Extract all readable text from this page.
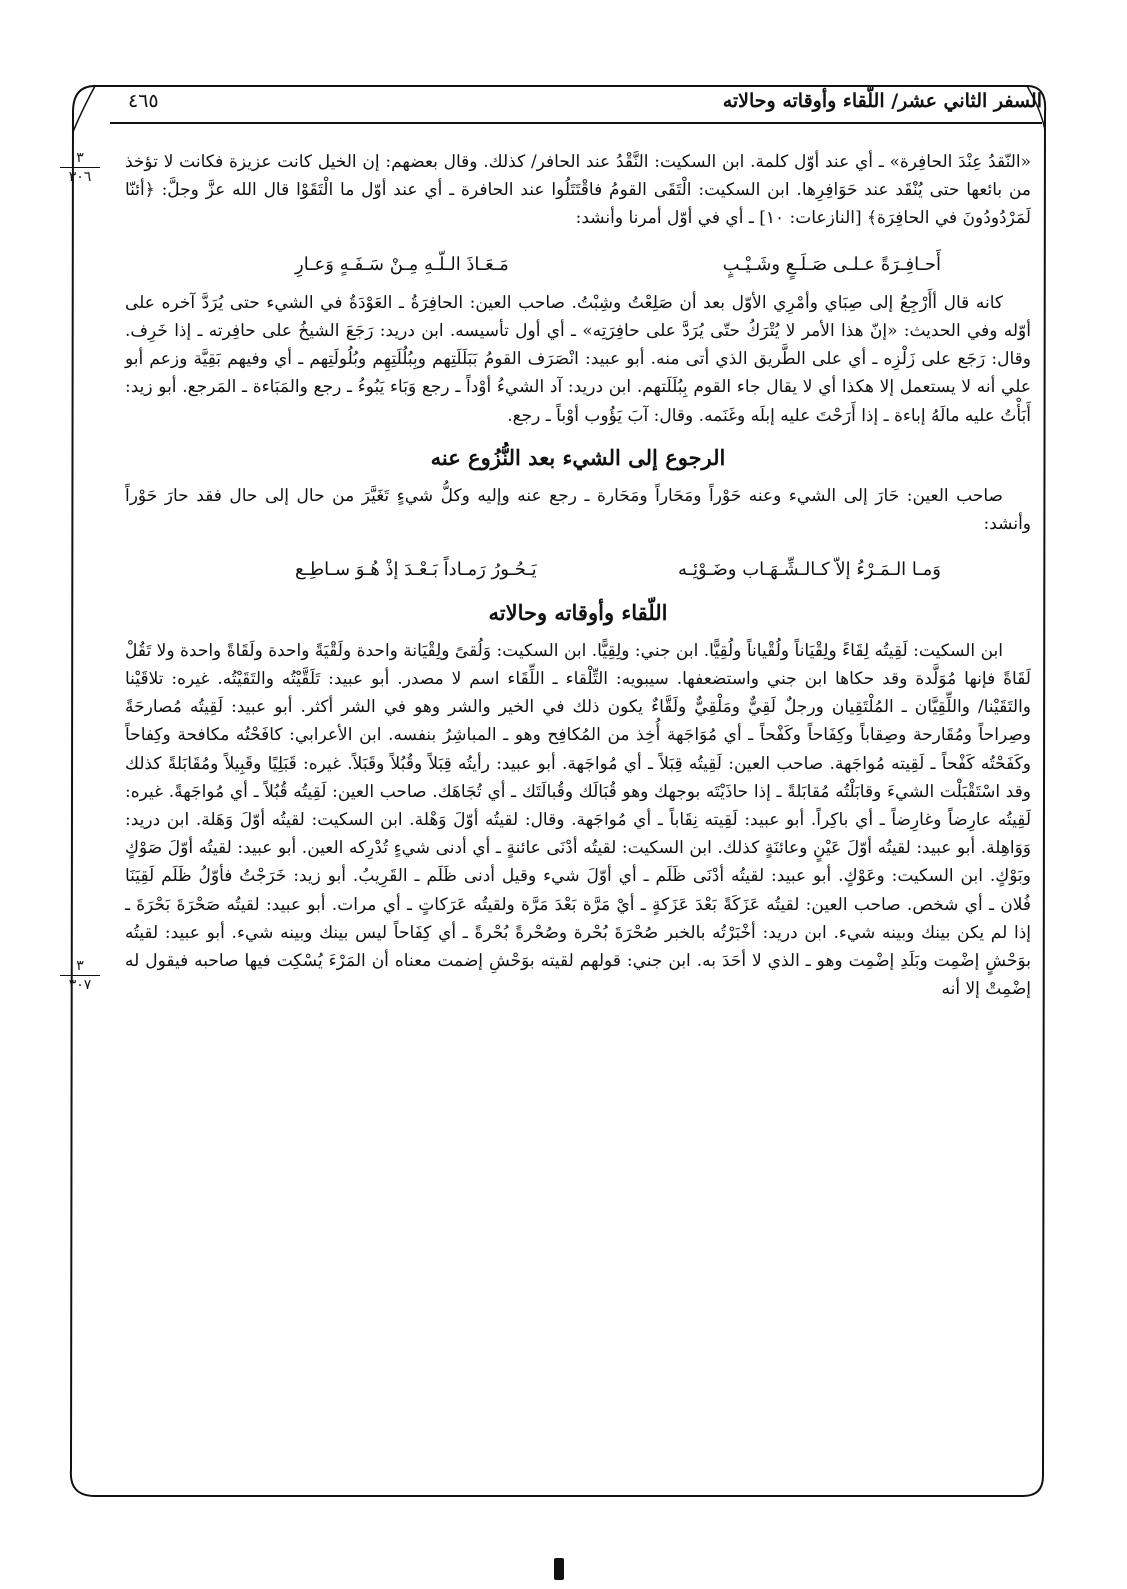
السفر الثاني عشر/ اللّقاء وأوقاته وحالاته
٤٦٥
٣
٣٠٦
٣
٣٠٧

«النّقدُ عِنْدَ الحافِرة» ـ أي عند أوّل كلمة. ابن السكيت: النَّقْدُ عند الحافر/ كذلك. وقال بعضهم: إن الخيل كانت عزيزة فكانت لا تؤخذ من بائعها حتى يُنْقَد عند حَوَافِرِها. ابن السكيت: الْتَقَى القومُ فاقْتَتَلُوا عند الحافرة ـ أي عند أوّل ما الْتَقَوْا قال الله عزَّ وجلَّ: ﴿أئنّا لَمَرْدُودُونَ في الحافِرَة﴾ [النازعات: ١٠] ـ أي في أوّل أمرنا وأنشد:

أَحـافِـرَةً عـلـى صَـلَـعٍ وشَـيْـبٍ
مَـعَـاذَ الـلّـهِ مِـنْ سَـفَـهٍ وَعـارِ

كانه قال أأَرْجِعُ إلى صِبَاي وأمْرِي الأوّل بعد أن صَلِعْتُ وشِبْتُ. صاحب العين: الحافِرَةُ ـ العَوْدَةُ في الشيء حتى يُرَدَّ آخره على أوّله وفي الحديث: «إنّ هذا الأمر لا يُتْرَكُ حتّى يُرَدَّ على حافِرَتِه» ـ أي أول تأسيسه. ابن دريد: رَجَعَ الشيخُ على حافِرته ـ إذا خَرِف. وقال: رَجَع على زَلْزِه ـ أي على الطَّريق الذي أتى منه. أبو عبيد: انْصَرَف القومُ بَبَلَلَتِهم وبِبُلُلَتِهِم وبُلُولَتِهم ـ أي وفيهم بَقِيَّة وزعم أبو علي أنه لا يستعمل إلا هكذا أي لا يقال جاء القوم بِبُلَلَتهم. ابن دريد: آد الشيءُ أوْداً ـ رجع وَبَاء يَبُوءُ ـ رجع والمَبَاءة ـ المَرجع. أبو زيد: أَبَأْتُ عليه مالَهُ إباءة ـ إذا أَرَحْتَ عليه إبلَه وغَنَمه. وقال: آبَ يَؤُوب أوْباً ـ رجع.

الرجوع إلى الشيء بعد النُّزُوع عنه

صاحب العين: حَارَ إلى الشيء وعنه حَوْراً ومَحَاراً ومَحَارة ـ رجع عنه وإليه وكلُّ شيءٍ تَغَيَّرَ من حال إلى حال فقد حارَ حَوْراً وأنشد:

وَمـا الـمَـرْءُ إلاّ كـالـشِّـهَـاب وضَـوْئِـه
يَـحُـورُ رَمـاداً بَـعْـدَ إذْ هُـوَ سـاطِـع
اللّقاء وأوقاته وحالاته

ابن السكيت: لَقِيتُه لِقَاءً ولِقْيَاناً ولُقْياناً ولُقِيًّا. ابن جني: ولِقِيًّا. ابن السكيت: وَلُقىً ولِقْيَانة واحدة ولَقْيَةً واحدة ولَقَاةً واحدة ولا تَقُلْ لَقَاةً فإنها مُوَلَّدة وقد حكاها ابن جني واستضعفها. سيبويه: التِّلْقاء ـ اللِّقَاء اسم لا مصدر. أبو عبيد: تَلَقَّيْتُه والتَقَيْتُه. غيره: تلاقَيْنا والتَقَيْنا/ واللِّقِيَّان ـ المُلْتَقِيان ورجلٌ لَقِيٌّ ومَلْقِيٌّ ولَقَّاءٌ يكون ذلك في الخير والشر وهو في الشر أكثر. أبو عبيد: لَقِيتُه مُصارحَةً وصِراحاً ومُقَارحة وصِقاباً وكِفَاحاً وكَفْحاً ـ أي مُوَاجَهة أُخِذ من المُكافِح وهو ـ المباشِرُ بنفسه. ابن الأعرابي: كافَحْتُه مكافحة وكِفاحاً وكَفَحْتُه كَفْحاً ـ لَقِيته مُواجَهة. صاحب العين: لَقِيتُه قِبَلاً ـ أي مُواجَهة. أبو عبيد: رأيتُه قِبَلاً وقُبُلاً وقَبَلاً. غيره: قَبَلِيًا وقَبِيلاً ومُقَابَلةً كذلك وقد اسْتَقْبَلْت الشيءَ وقابَلْتُه مُقابَلةً ـ إذا حاذَيْتَه بوجهك وهو قُبَالَك وقُبالَتَك ـ أي تُجَاهَك. صاحب العين: لَقِيتُه قُبُلاً ـ أي مُواجَهةً. غيره: لَقِيتُه عارِضاً وغارِضاً ـ أي باكِراً. أبو عبيد: لَقِيته نِقَاباً ـ أي مُواجَهة. وقال: لقيتُه أوّلَ وَهْلة. ابن السكيت: لقيتُه أوّلَ وَهَلة. ابن دريد: وَوَاهِلة. أبو عبيد: لقيتُه أوّلَ عَيْنٍ وعائنَةٍ كذلك. ابن السكيت: لقيتُه أدْنَى عائنةٍ ـ أي أدنى شيءٍ تُدْرِكه العين. أبو عبيد: لقيتُه أوّلَ صَوْكٍ وبَوْكٍ. ابن السكيت: وعَوْكٍ. أبو عبيد: لقيتُه أدْنَى ظَلَم ـ أي أوّلَ شيء وقيل أدنى ظَلَم ـ القَرِيبُ. أبو زيد: خَرَجْتُ فأوّلُ ظَلَم لَقِيَنَا فُلان ـ أي شخص. صاحب العين: لقيتُه عَزَكَةً بَعْدَ عَزَكةٍ ـ أيْ مَرَّة بَعْدَ مَرَّة ولقيتُه عَرَكاتٍ ـ أي مرات. أبو عبيد: لقيتُه صَحْرَةَ بَحْرَةَ ـ إذا لم يكن بينك وبينه شيء. ابن دريد: أخْبَرْتُه بالخبر صُحْرَةَ بُحْرة وصُحْرةً بُحْرةً ـ أي كِفَاحاً ليس بينك وبينه شيء. أبو عبيد: لقيتُه بوَحْشٍ إضْمِت وبَلَدِ إضْمِت وهو ـ الذي لا أحَدَ به. ابن جني: قولهم لقيته بوَحْشِ إضمت معناه أن المَرْءَ يُسْكِت فيها صاحبه فيقول له إضْمِتْ إلا أنه
